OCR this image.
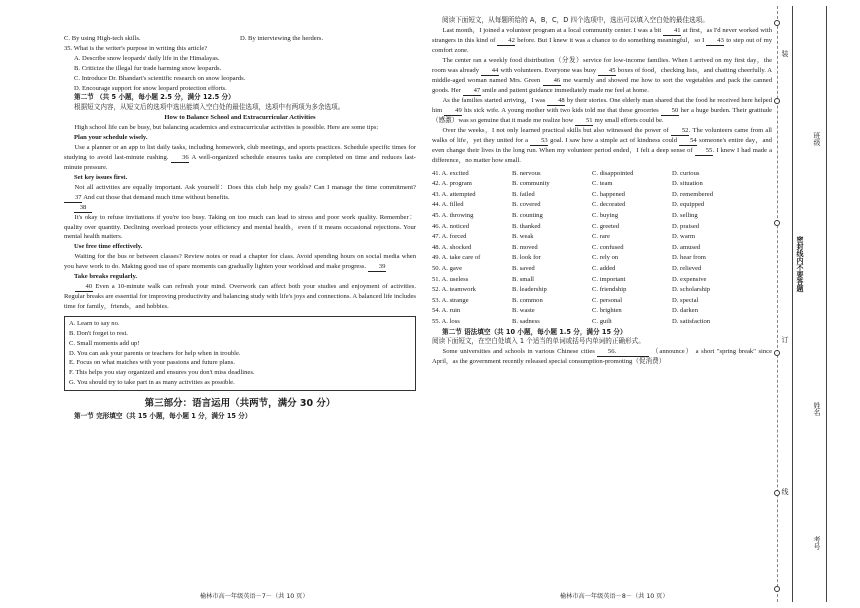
C. By using High-tech skills.	D. By interviewing the herders.

35. What is the writer's purpose in writing this article?

A. Describe snow leopards' daily life in the Himalayas.

B. Criticize the illegal fur trade harming snow leopards.

C. Introduce Dr. Bhandari's scientific research on snow leopards.

D. Encourage support for snow leopard protection efforts.

第二节 （共 5 小题，每小题 2.5 分，满分 12.5 分）

根据短文内容，从短文后的选项中选出能填入空白处的最佳选项，选项中有两项为多余选项。

How to Balance School and Extracurricular Activities

High school life can be busy, but balancing academics and extracurricular activities is possible. Here are some tips:

Plan your schedule wisely.

Use a planner or an app to list daily tasks, including homework, club meetings, and sports practices. Schedule specific times for studying to avoid last-minute rushing. 36 A well-organized schedule ensures tasks are completed on time and reduces last-minute pressure.

Set key issues first.

Not all activities are equally important. Ask yourself：Does this club help my goals? Can I manage the time commitment? 37 And cut those that demand much time without benefits.

38

It's okay to refuse invitations if you're too busy. Taking on too much can lead to stress and poor work quality. Remember：quality over quantity. Declining overload protects your efficiency and mental health，even if it means occasional rejections. Your mental health matters.

Use free time effectively.

Waiting for the bus or between classes? Review notes or read a chapter for class. Avoid spending hours on social media when you have work to do. Making good use of spare moments can gradually lighten your workload and make progress. 39

Take breaks regularly.

40 Even a 10-minute walk can refresh your mind. Overwork can affect both your studies and enjoyment of activities. Regular breaks are essential for improving productivity and balancing study with life's joys and connections. A balanced life includes time for family，friends，and hobbies.

A. Learn to say no.

B. Don't forget to rest.

C. Small moments add up!

D. You can ask your parents or teachers for help when in trouble.

E. Focus on what matches with your passions and future plans.

F. This helps you stay organized and ensures you don't miss deadlines.

G. You should try to take part in as many activities as possible.

第三部分：语言运用（共两节，满分 30 分）

第一节 完形填空（共 15 小题，每小题 1 分，满分 15 分）

榆林市高一年级英语－7－（共 10 页）

阅读下面短文，从每题所给的 A，B，C，D 四个选项中，选出可以填入空白处的最佳选项。

Last month，I joined a volunteer program at a local community center. I was a bit 41 at first，as I'd never worked with strangers in this kind of 42 before. But I knew it was a chance to do something meaningful，so I 43 to step out of my comfort zone.

The center ran a weekly food distribution（分发）service for low-income families. When I arrived on my first day，the room was already 44 with volunteers. Everyone was busy 45 boxes of food，checking lists，and chatting cheerfully. A middle-aged woman named Mrs. Green 46 me warmly and showed me how to sort the vegetables and pack the canned goods. Her 47 smile and patient guidance immediately made me feel at home.

As the families started arriving，I was 48 by their stories. One elderly man shared that the food he received here helped him 49 his sick wife. A young mother with two kids told me that these groceries 50 her a huge burden. Their gratitude（感激）was so genuine that it made me realize how 51 my small efforts could be.

Over the weeks，I not only learned practical skills but also witnessed the power of 52. The volunteers came from all walks of life，yet they united for a 53 goal. I saw how a simple act of kindness could 54 someone's entire day，and even change their lives in the long run. When my volunteer period ended，I felt a deep sense of 55. I knew I had made a difference，no matter how small.

41. A. excited	B. nervous	C. disappointed	D. curious
42. A. program	B. community	C. team	D. situation
43. A. attempted	B. failed	C. happened	D. remembered
44. A. filled	B. covered	C. decorated	D. equipped
45. A. throwing	B. counting	C. buying	D. selling
46. A. noticed	B. thanked	C. greeted	D. praised
47. A. forced	B. weak	C. rare	D. warm
48. A. shocked	B. moved	C. confused	D. amused
49. A. take care of	B. look for	C. rely on	D. hear from
50. A. gave	B. saved	C. added	D. relieved
51. A. useless	B. small	C. important	D. expensive
52. A. teamwork	B. leadership	C. friendship	D. scholarship
53. A. strange	B. common	C. personal	D. special
54. A. ruin	B. waste	C. brighten	D. darken
55. A. loss	B. sadness	C. guilt	D. satisfaction

第二节 语法填空（共 10 小题，每小题 1.5 分，满分 15 分）

阅读下面短文，在空白处填入 1 个适当的单词或括号内单词的正确形式。

Some universities and schools in various Chinese cities 56.	（announce） a short "spring break" since April，as the government recently released special consumption-promoting（促消费）

榆林市高一年级英语－8－（共 10 页）
装
订
线
班级
姓名
密封线内不要答题
考号
